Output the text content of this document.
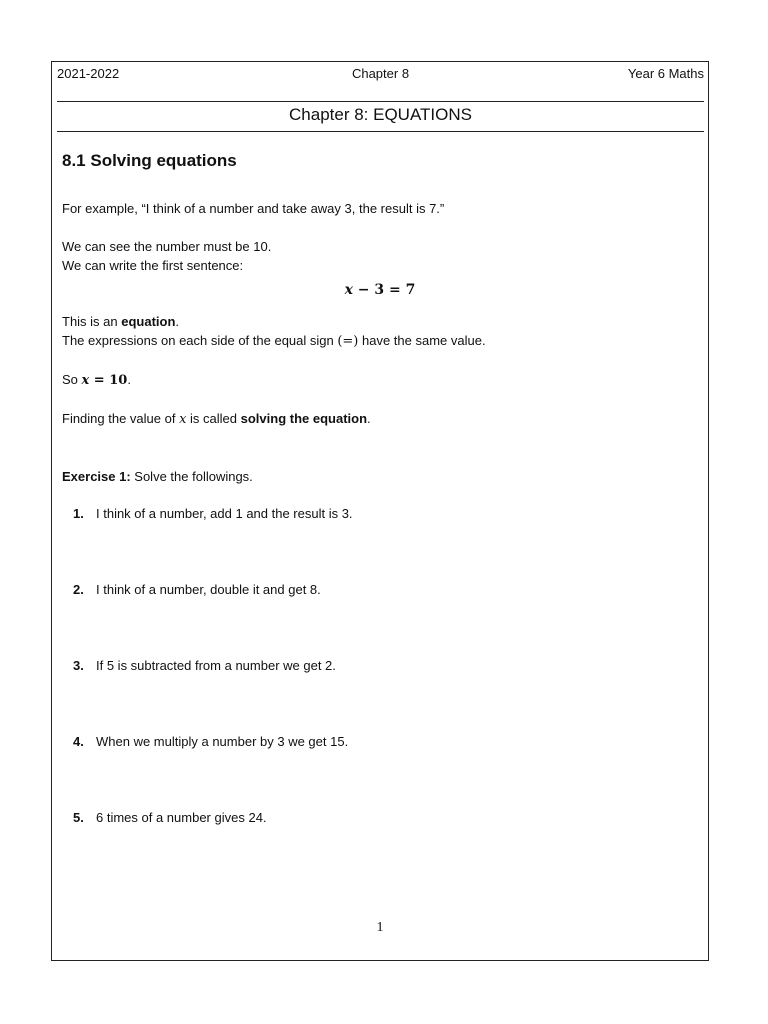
2021-2022	Chapter 8	Year 6 Maths
Chapter 8: EQUATIONS
8.1 Solving equations

For example, “I think of a number and take away 3, the result is 7.”

We can see the number must be 10.

We can write the first sentence:

x − 3 = 7

This is an equation.

The expressions on each side of the equal sign (=) have the same value.

So x = 10.

Finding the value of x is called solving the equation.

Exercise 1: Solve the followings.

1. I think of a number, add 1 and the result is 3.
2. I think of a number, double it and get 8.
3. If 5 is subtracted from a number we get 2.
4. When we multiply a number by 3 we get 15.
5. 6 times of a number gives 24.
1
